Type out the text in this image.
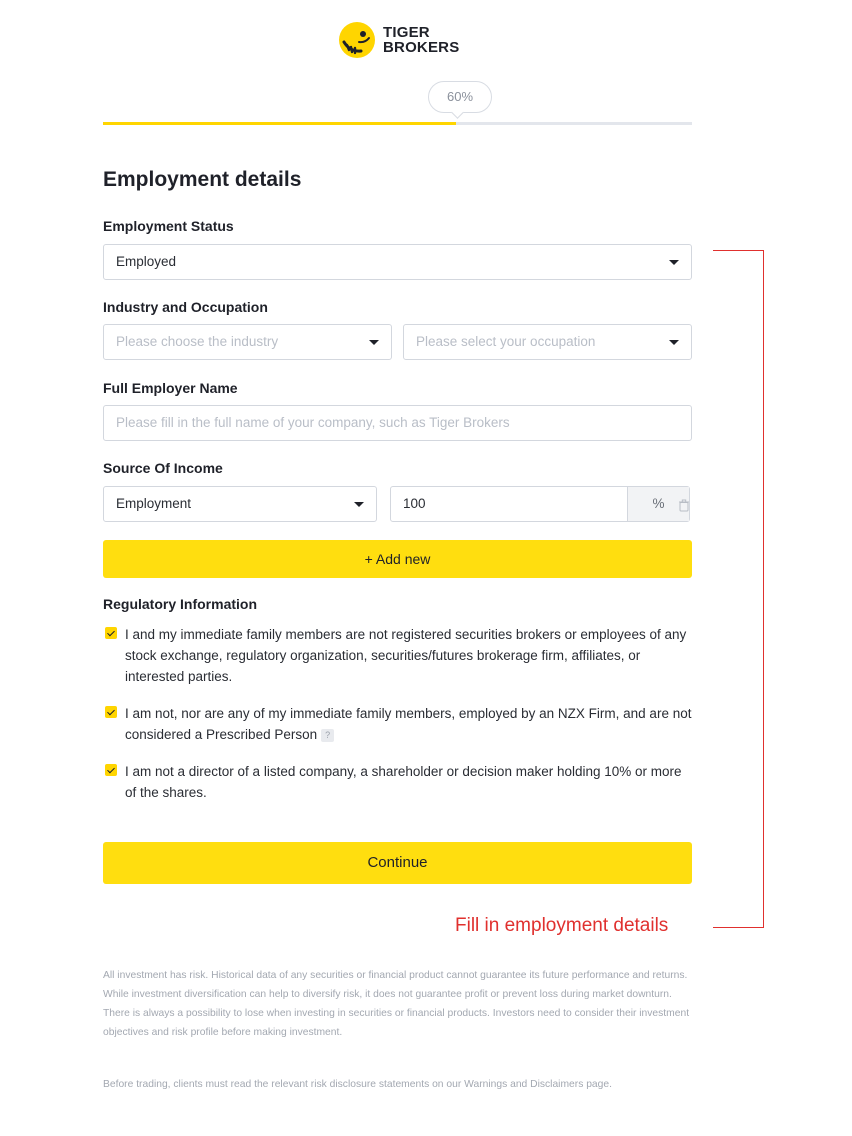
TIGER
BROKERS
60%
Employment details
Employment Status
Employed
Industry and Occupation
Please choose the industry	Please select your occupation
Full Employer Name
Please fill in the full name of your company, such as Tiger Brokers
Source Of Income
Employment	100	%
+ Add new
Regulatory Information
I and my immediate family members are not registered securities brokers or employees of any stock exchange, regulatory organization, securities/futures brokerage firm, affiliates, or interested parties.
I am not, nor are any of my immediate family members, employed by an NZX Firm, and are not considered a Prescribed Person ?
I am not a director of a listed company, a shareholder or decision maker holding 10% or more of the shares.
Continue
Fill in employment details
All investment has risk. Historical data of any securities or financial product cannot guarantee its future performance and returns. While investment diversification can help to diversify risk, it does not guarantee profit or prevent loss during market downturn. There is always a possibility to lose when investing in securities or financial products. Investors need to consider their investment objectives and risk profile before making investment.
Before trading, clients must read the relevant risk disclosure statements on our Warnings and Disclaimers page.
